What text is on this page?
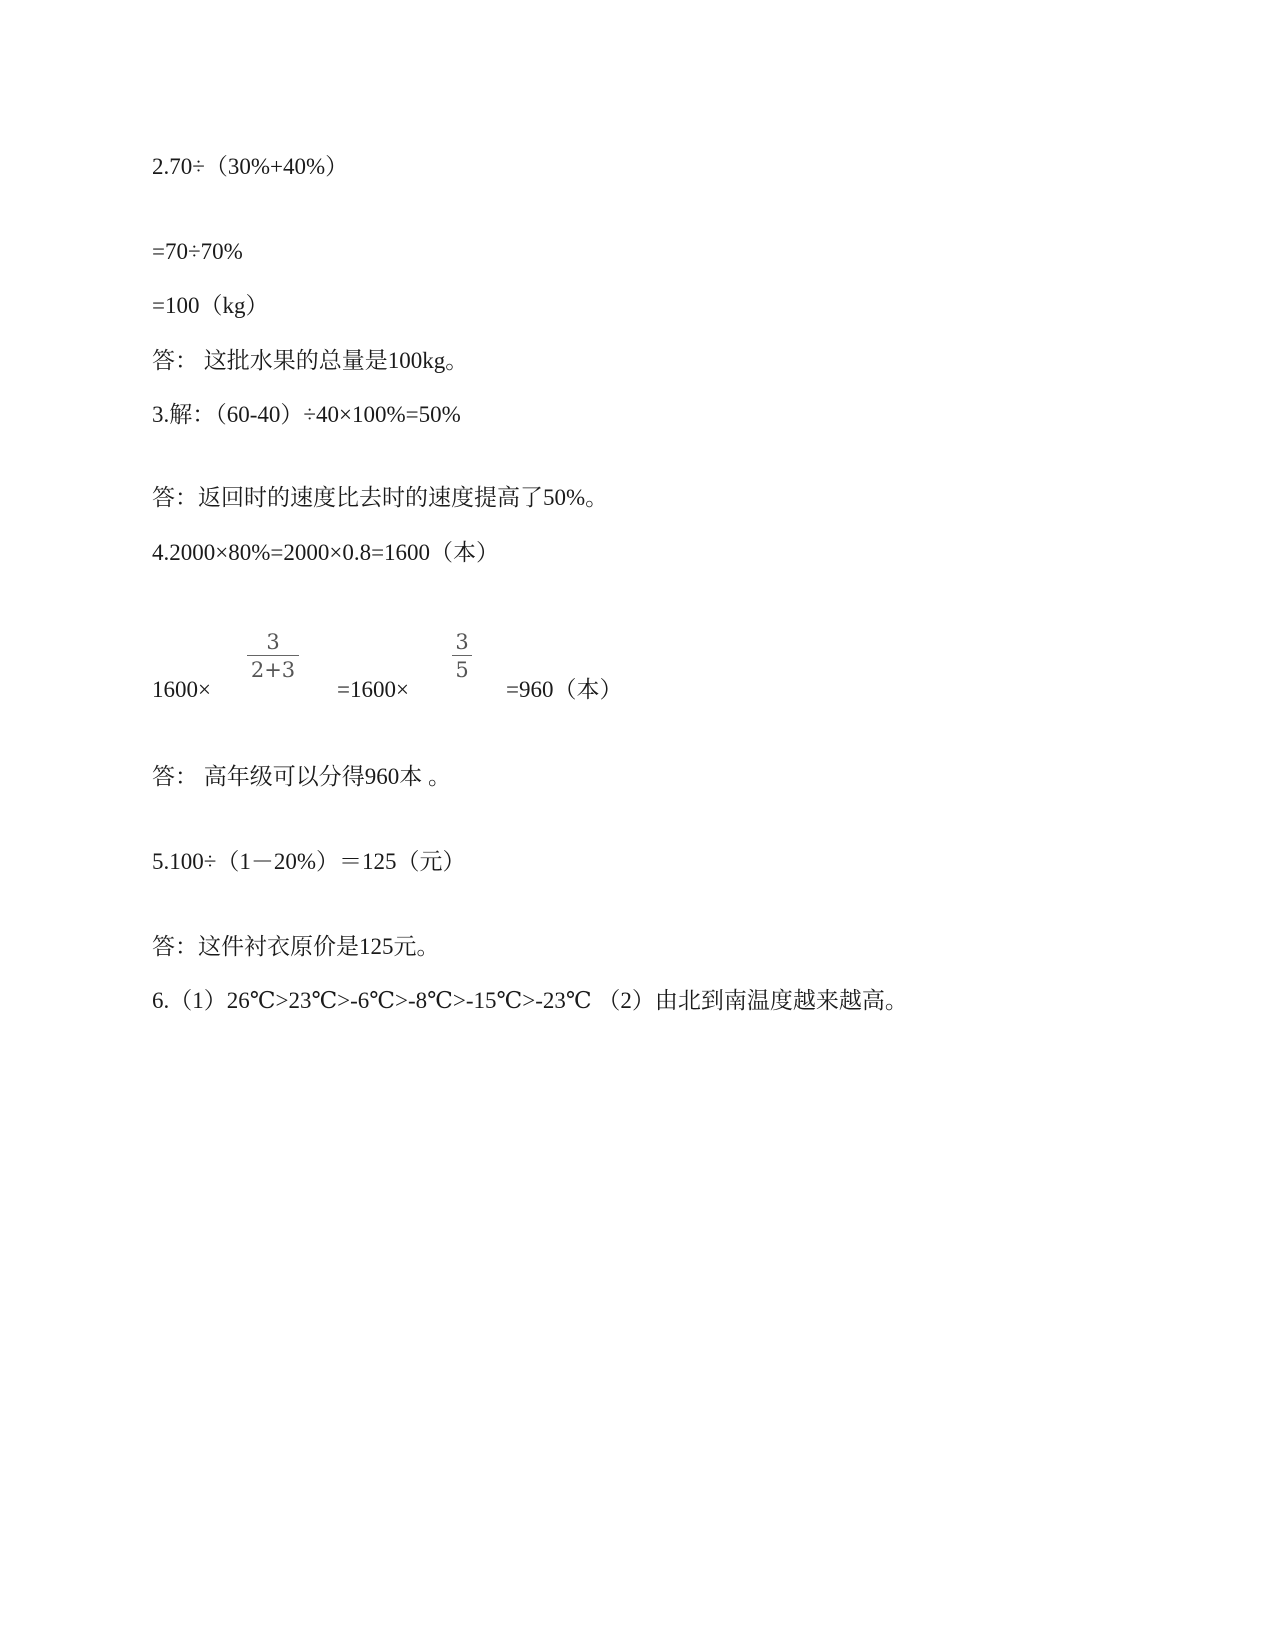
2.70÷（30%+40%）
=70÷70%
=100（kg）
答： 这批水果的总量是100kg。
3.解：（60-40）÷40×100%=50%
答：返回时的速度比去时的速度提高了50%。
4.2000×80%=2000×0.8=1600（本）
1600×
3
2+3
=1600×
3
5
=960（本）
答： 高年级可以分得960本 。
5.100÷（1－20%）＝125（元）
答：这件衬衣原价是125元。
6.（1）26℃>23℃>-6℃>-8℃>-15℃>-23℃ （2）由北到南温度越来越高。
